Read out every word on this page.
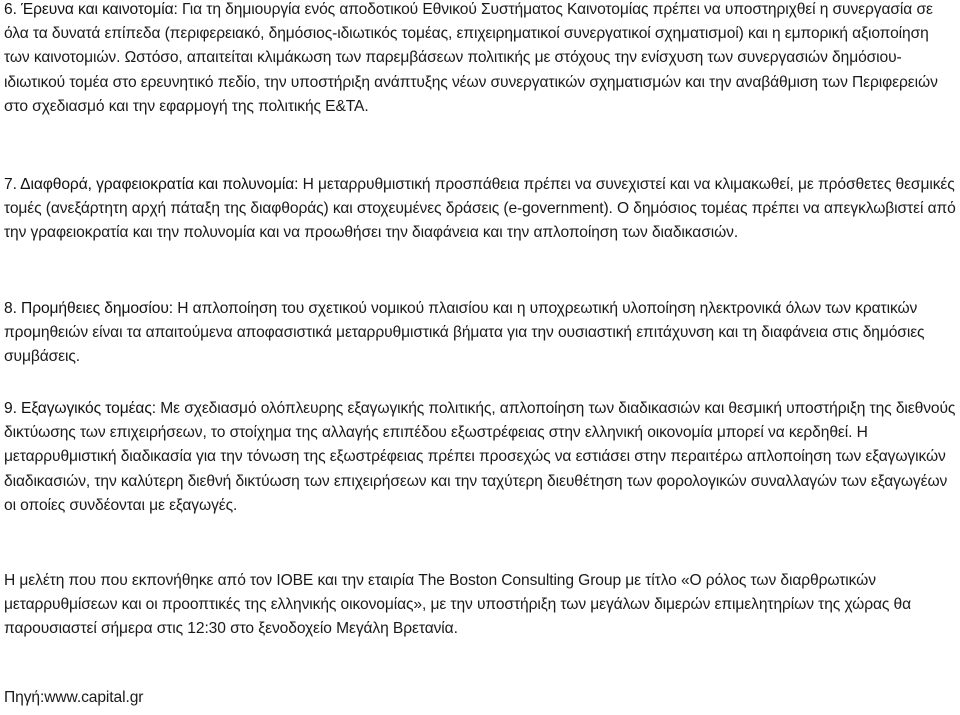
6. Έρευνα και καινοτομία: Για τη δημιουργία ενός αποδοτικού Εθνικού Συστήματος Καινοτομίας πρέπει να υποστηριχθεί η συνεργασία σε όλα τα δυνατά επίπεδα (περιφερειακό, δημόσιος-ιδιωτικός τομέας, επιχειρηματικοί συνεργατικοί σχηματισμοί) και η εμπορική αξιοποίηση των καινοτομιών. Ωστόσο, απαιτείται κλιμάκωση των παρεμβάσεων πολιτικής με στόχους την ενίσχυση των συνεργασιών δημόσιου-ιδιωτικού τομέα στο ερευνητικό πεδίο, την υποστήριξη ανάπτυξης νέων συνεργατικών σχηματισμών και την αναβάθμιση των Περιφερειών στο σχεδιασμό και την εφαρμογή της πολιτικής Ε&ΤΑ.

7. Διαφθορά, γραφειοκρατία και πολυνομία: Η μεταρρυθμιστική προσπάθεια πρέπει να συνεχιστεί και να κλιμακωθεί, με πρόσθετες θεσμικές τομές (ανεξάρτητη αρχή πάταξη της διαφθοράς) και στοχευμένες δράσεις (e-government). Ο δημόσιος τομέας πρέπει να απεγκλωβιστεί από την γραφειοκρατία και την πολυνομία και να προωθήσει την διαφάνεια και την απλοποίηση των διαδικασιών.

8. Προμήθειες δημοσίου: Η απλοποίηση του σχετικού νομικού πλαισίου και η υποχρεωτική υλοποίηση ηλεκτρονικά όλων των κρατικών προμηθειών είναι τα απαιτούμενα αποφασιστικά μεταρρυθμιστικά βήματα για την ουσιαστική επιτάχυνση και τη διαφάνεια στις δημόσιες συμβάσεις.

9. Εξαγωγικός τομέας: Με σχεδιασμό ολόπλευρης εξαγωγικής πολιτικής, απλοποίηση των διαδικασιών και θεσμική υποστήριξη της διεθνούς δικτύωσης των επιχειρήσεων, το στοίχημα της αλλαγής επιπέδου εξωστρέφειας στην ελληνική οικονομία μπορεί να κερδηθεί. Η μεταρρυθμιστική διαδικασία για την τόνωση της εξωστρέφειας πρέπει προσεχώς να εστιάσει στην περαιτέρω απλοποίηση των εξαγωγικών διαδικασιών, την καλύτερη διεθνή δικτύωση των επιχειρήσεων και την ταχύτερη διευθέτηση των φορολογικών συναλλαγών των εξαγωγέων οι οποίες συνδέονται με εξαγωγές.

Η μελέτη που που εκπονήθηκε από τον ΙΟΒΕ και την εταιρία The Boston Consulting Group με τίτλο «Ο ρόλος των διαρθρωτικών μεταρρυθμίσεων και οι προοπτικές της ελληνικής οικονομίας», με την υποστήριξη των μεγάλων διμερών επιμελητηρίων της χώρας θα παρουσιαστεί σήμερα στις 12:30 στο ξενοδοχείο Μεγάλη Βρετανία.

Πηγή:www.capital.gr
